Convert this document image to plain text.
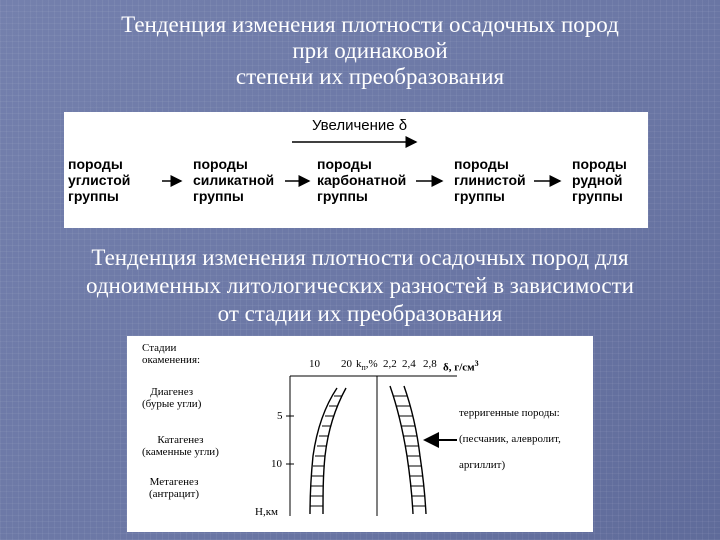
Тенденция изменения плотности осадочных пород
при одинаковой
степени их преобразования
Тенденция изменения плотности осадочных пород для
одноименных литологических разностей в зависимости
от стадии их преобразования
Увеличение δ
породы
углистой
группы
породы
силикатной
группы
породы
карбонатной
группы
породы
глинистой
группы
породы
рудной
группы
Стадии
окаменения:
Диагенез
(бурые угли)
Катагенез
(каменные угли)
Метагенез
(антрацит)
10 20 $k_п,\%$ 2,2 2,4 2,8 δ, $г/см^3$
5
10
H,км
терригенные породы:
(песчаник, алевролит,
аргиллит)
